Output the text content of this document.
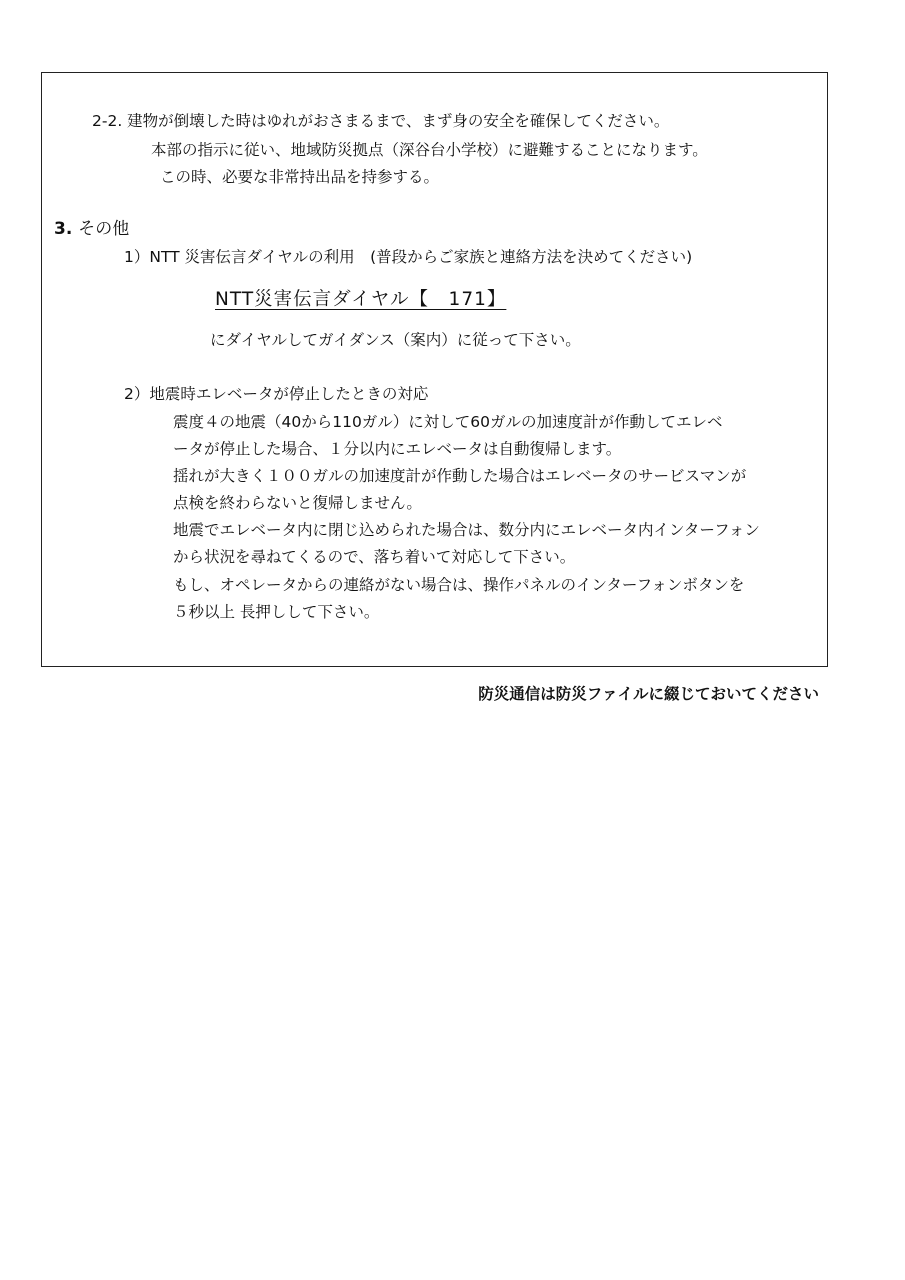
2-2. 建物が倒壊した時はゆれがおさまるまで、まず身の安全を確保してください。
本部の指示に従い、地域防災拠点（深谷台小学校）に避難することになります。
この時、必要な非常持出品を持参する。
3. その他
1）NTT 災害伝言ダイヤルの利用　(普段からご家族と連絡方法を決めてください)
NTT災害伝言ダイヤル【　171】
にダイヤルしてガイダンス（案内）に従って下さい。
2）地震時エレベータが停止したときの対応
震度４の地震（40から110ガル）に対して60ガルの加速度計が作動してエレベ
ータが停止した場合、１分以内にエレベータは自動復帰します。
揺れが大きく１００ガルの加速度計が作動した場合はエレベータのサービスマンが
点検を終わらないと復帰しません。
地震でエレベータ内に閉じ込められた場合は、数分内にエレベータ内インターフォン
から状況を尋ねてくるので、落ち着いて対応して下さい。
もし、オペレータからの連絡がない場合は、操作パネルのインターフォンボタンを
５秒以上 長押しして下さい。
防災通信は防災ファイルに綴じておいてください
